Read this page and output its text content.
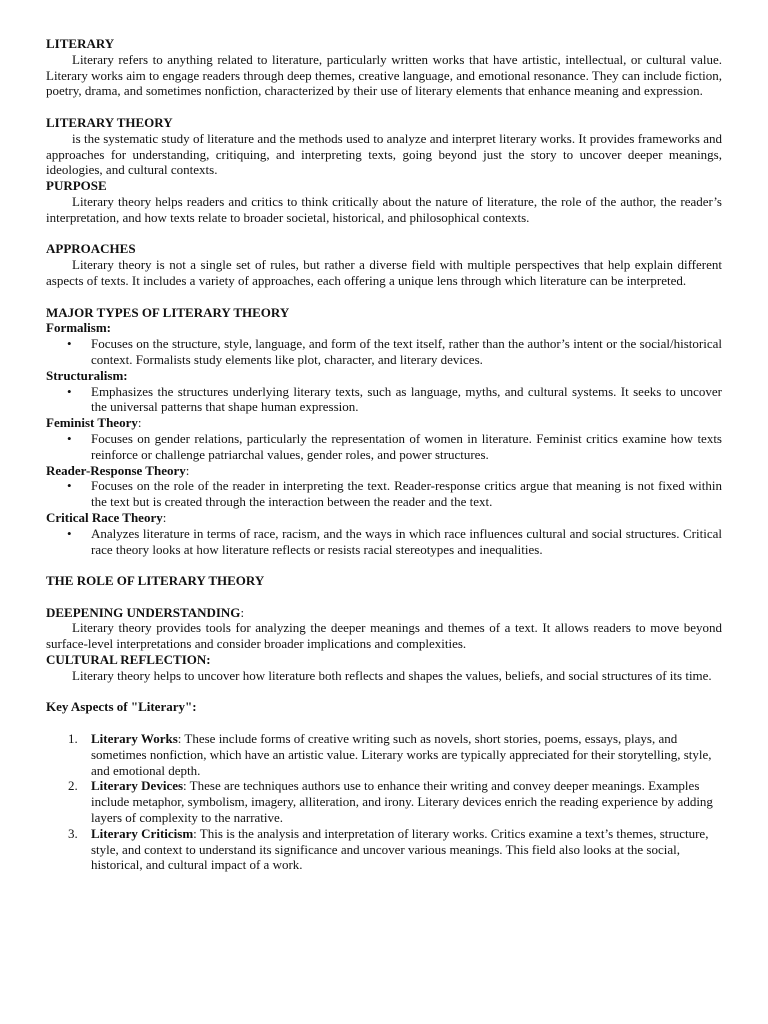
LITERARY

Literary refers to anything related to literature, particularly written works that have artistic, intellectual, or cultural value. Literary works aim to engage readers through deep themes, creative language, and emotional resonance. They can include fiction, poetry, drama, and sometimes nonfiction, characterized by their use of literary elements that enhance meaning and expression.

LITERARY THEORY

is the systematic study of literature and the methods used to analyze and interpret literary works. It provides frameworks and approaches for understanding, critiquing, and interpreting texts, going beyond just the story to uncover deeper meanings, ideologies, and cultural contexts.

PURPOSE

Literary theory helps readers and critics to think critically about the nature of literature, the role of the author, the reader’s interpretation, and how texts relate to broader societal, historical, and philosophical contexts.

APPROACHES

Literary theory is not a single set of rules, but rather a diverse field with multiple perspectives that help explain different aspects of texts. It includes a variety of approaches, each offering a unique lens through which literature can be interpreted.

MAJOR TYPES OF LITERARY THEORY
Formalism:
• Focuses on the structure, style, language, and form of the text itself, rather than the author’s intent or the social/historical context. Formalists study elements like plot, character, and literary devices.
Structuralism:
• Emphasizes the structures underlying literary texts, such as language, myths, and cultural systems. It seeks to uncover the universal patterns that shape human expression.
Feminist Theory:
• Focuses on gender relations, particularly the representation of women in literature. Feminist critics examine how texts reinforce or challenge patriarchal values, gender roles, and power structures.
Reader-Response Theory:
• Focuses on the role of the reader in interpreting the text. Reader-response critics argue that meaning is not fixed within the text but is created through the interaction between the reader and the text.
Critical Race Theory:
• Analyzes literature in terms of race, racism, and the ways in which race influences cultural and social structures. Critical race theory looks at how literature reflects or resists racial stereotypes and inequalities.
THE ROLE OF LITERARY THEORY
DEEPENING UNDERSTANDING:

Literary theory provides tools for analyzing the deeper meanings and themes of a text. It allows readers to move beyond surface-level interpretations and consider broader implications and complexities.

CULTURAL REFLECTION:

Literary theory helps to uncover how literature both reflects and shapes the values, beliefs, and social structures of its time.

Key Aspects of "Literary":
1. Literary Works: These include forms of creative writing such as novels, short stories, poems, essays, plays, and sometimes nonfiction, which have an artistic value. Literary works are typically appreciated for their storytelling, style, and emotional depth.
2. Literary Devices: These are techniques authors use to enhance their writing and convey deeper meanings. Examples include metaphor, symbolism, imagery, alliteration, and irony. Literary devices enrich the reading experience by adding layers of complexity to the narrative.
3. Literary Criticism: This is the analysis and interpretation of literary works. Critics examine a text’s themes, structure, style, and context to understand its significance and uncover various meanings. This field also looks at the social, historical, and cultural impact of a work.
